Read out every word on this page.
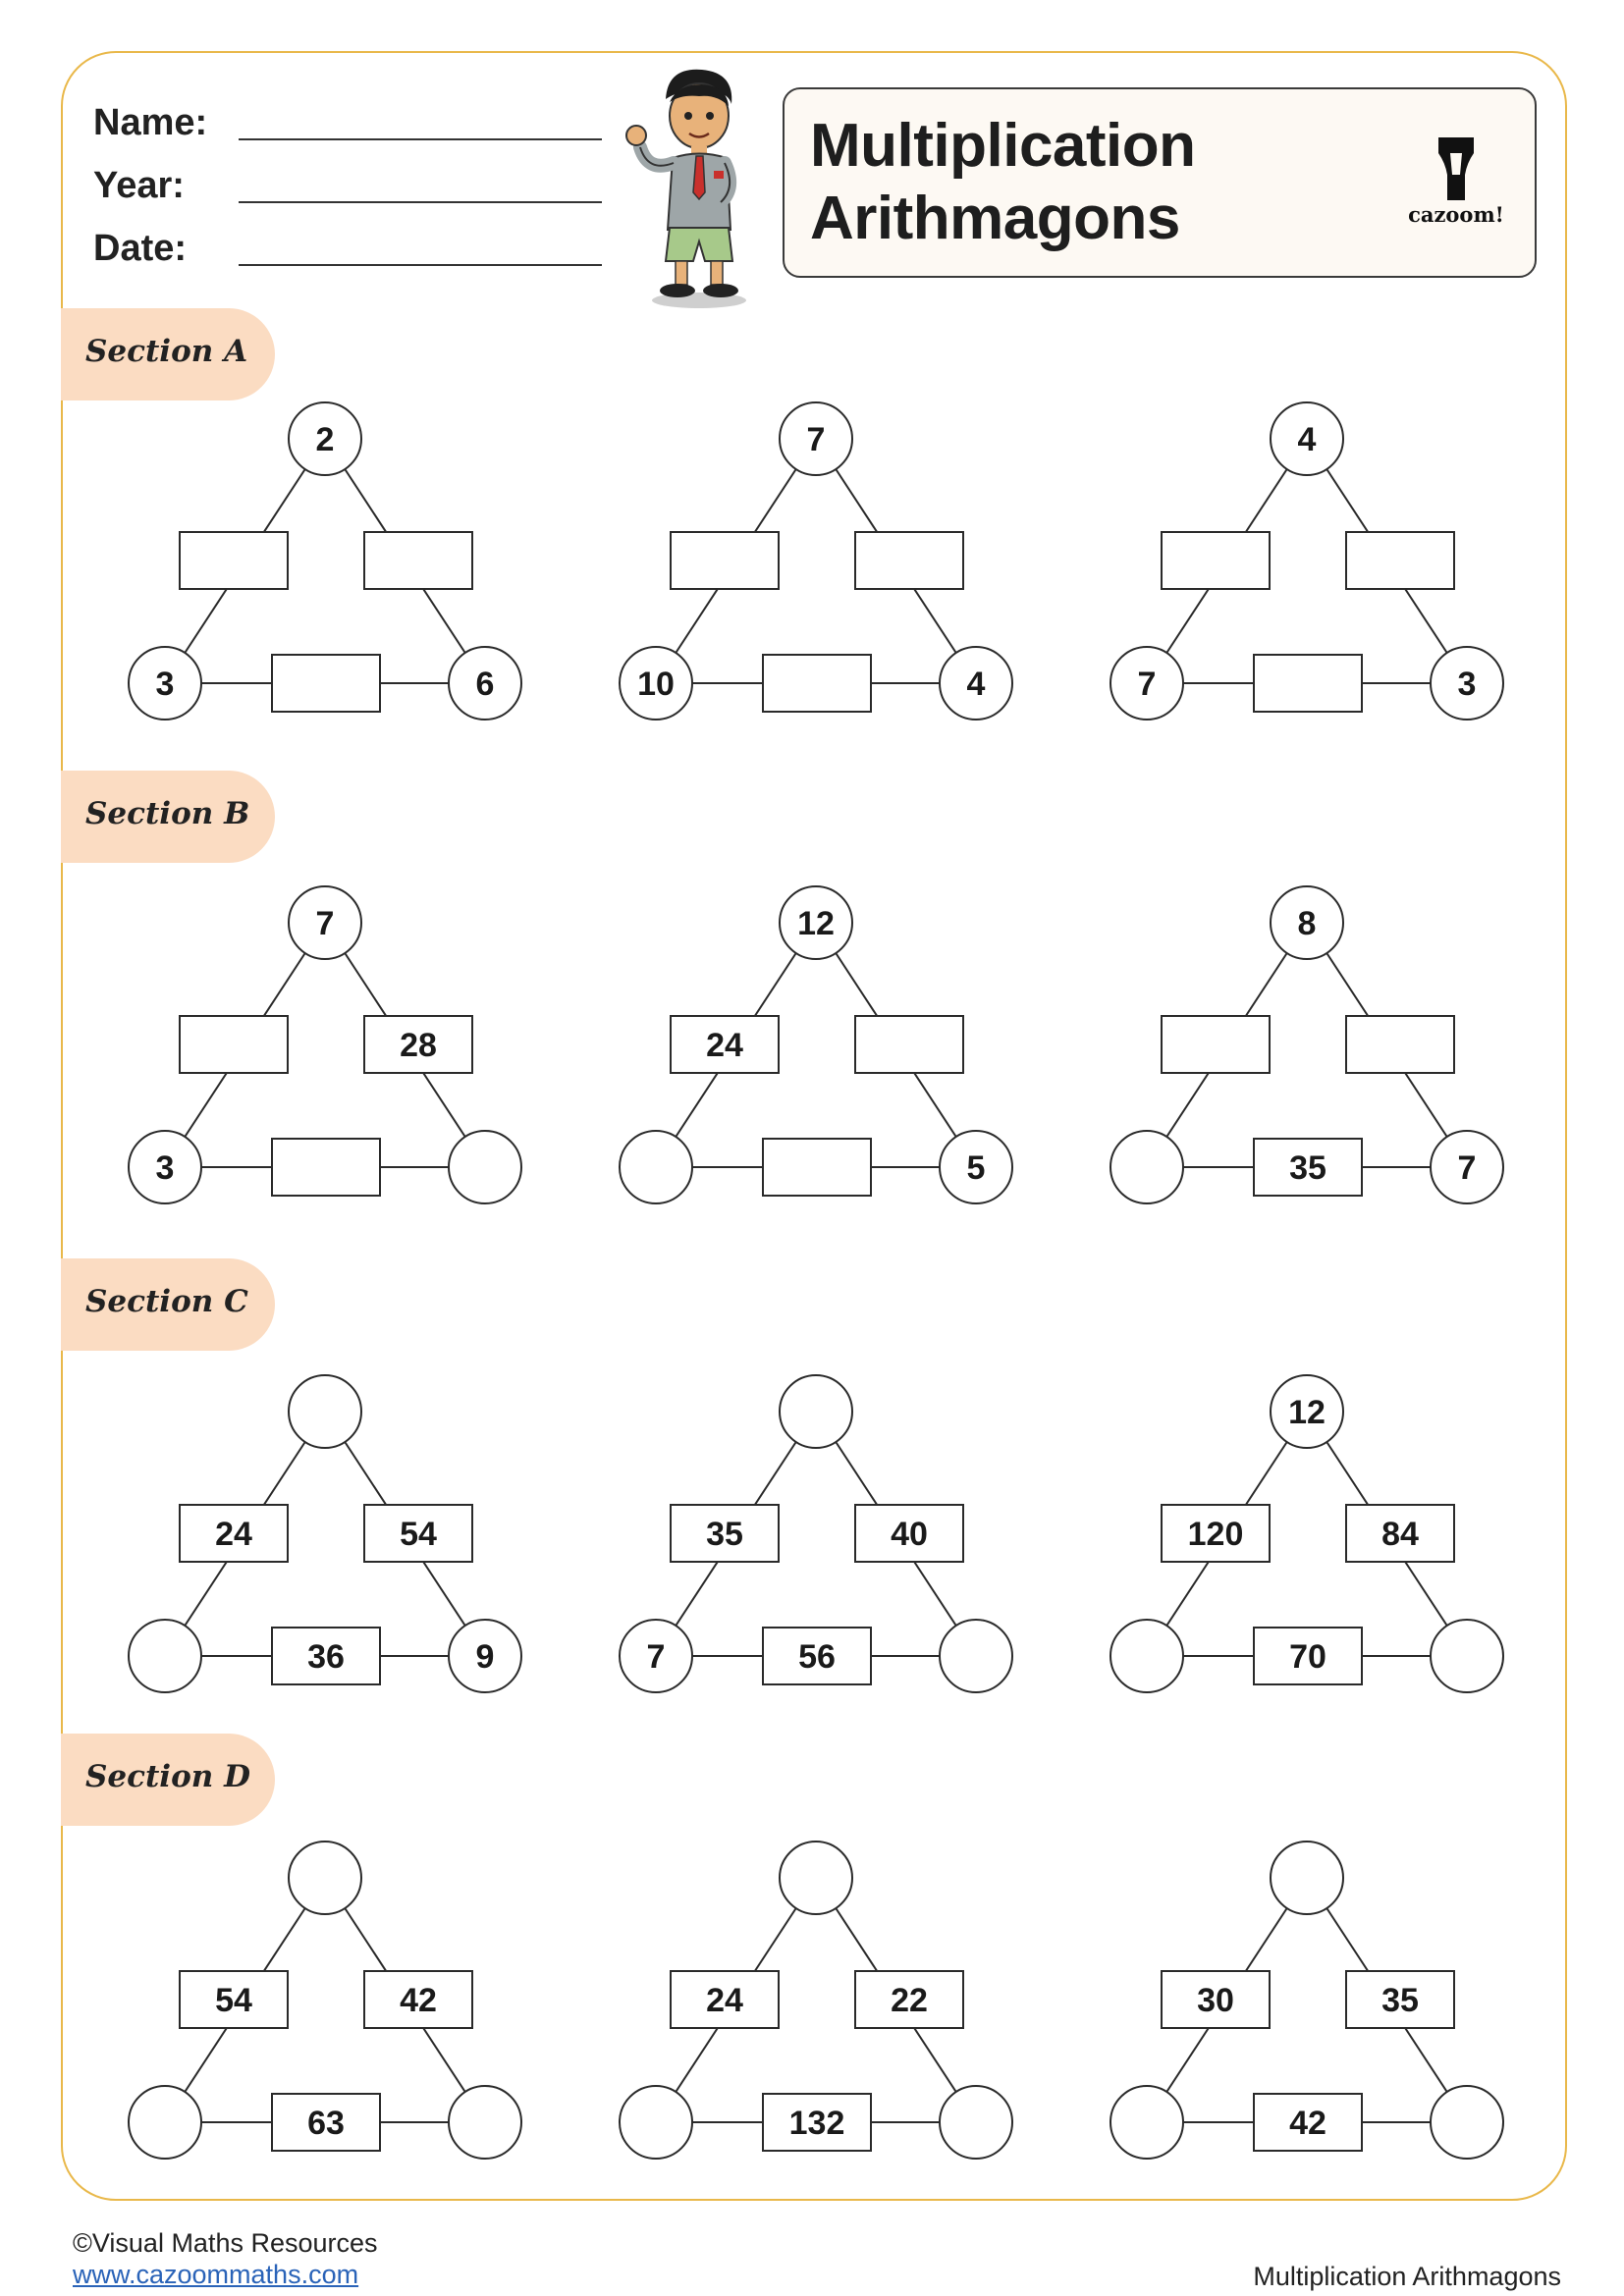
Name:
Year:
Date:
Multiplication
Arithmagons	cazoom!
Section A
Section B
Section C
Section D
2
3	6
7
10	4
4
7	3
28
7
3
24
12
5	35
8
7
24	54
36	9
35	40
56
7
120	84
70
12
54	42
63
24	22
132
30	35
42
©Visual Maths Resources
www.cazoommaths.com	Multiplication Arithmagons
